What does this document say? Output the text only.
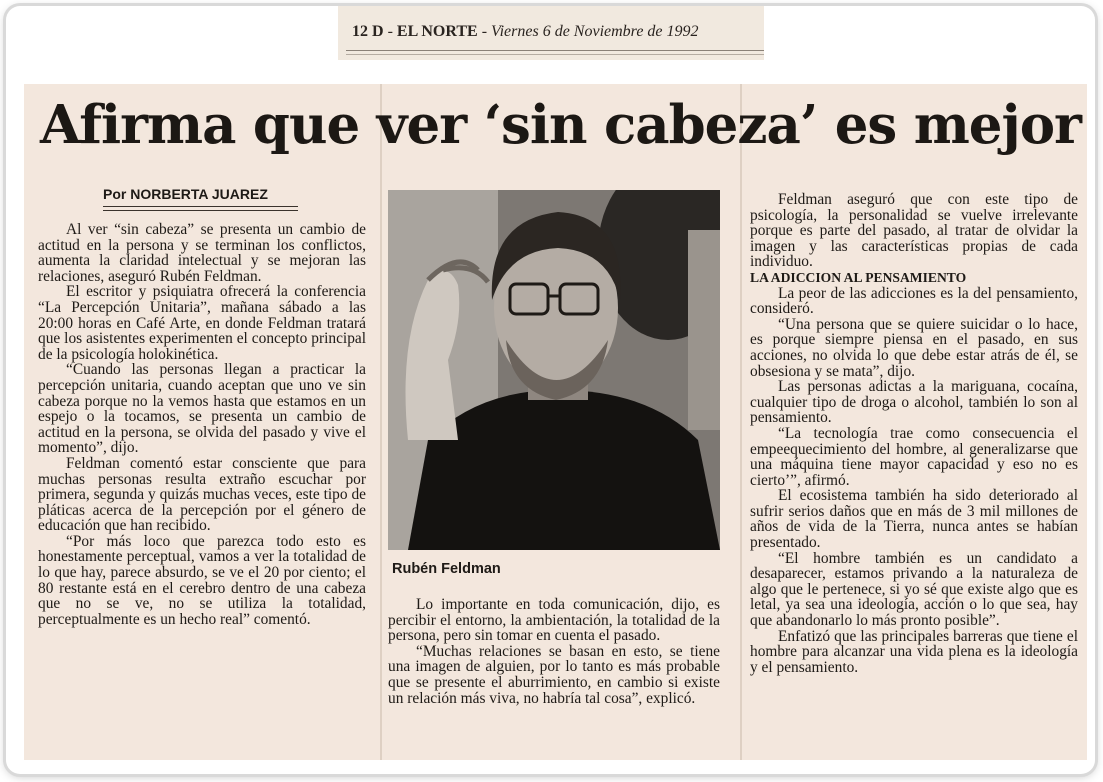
12 D - EL NORTE - Viernes 6 de Noviembre de 1992
Afirma que ver ‘sin cabeza’ es mejor
Por NORBERTA JUAREZ

Al ver “sin cabeza” se presenta un cambio de actitud en la persona y se terminan los conflictos, aumenta la claridad intelectual y se mejoran las relaciones, aseguró Rubén Feldman.

El escritor y psiquiatra ofrecerá la conferencia “La Percepción Unitaria”, mañana sábado a las 20:00 horas en Café Arte, en donde Feldman tratará que los asistentes experimenten el concepto principal de la psicología holokinética.

“Cuando las personas llegan a practicar la percepción unitaria, cuando aceptan que uno ve sin cabeza porque no la vemos hasta que estamos en un espejo o la tocamos, se presenta un cambio de actitud en la persona, se olvida del pasado y vive el momento”, dijo.

Feldman comentó estar consciente que para muchas personas resulta extraño escuchar por primera, segunda y quizás muchas veces, este tipo de pláticas acerca de la percepción por el género de educación que han recibido.

“Por más loco que parezca todo esto es honestamente perceptual, vamos a ver la totalidad de lo que hay, parece absurdo, se ve el 20 por ciento; el 80 restante está en el cerebro dentro de una cabeza que no se ve, no se utiliza la totalidad, perceptualmente es un hecho real” comentó.

Rubén Feldman

Lo importante en toda comunicación, dijo, es percibir el entorno, la ambientación, la totalidad de la persona, pero sin tomar en cuenta el pasado.

“Muchas relaciones se basan en esto, se tiene una imagen de alguien, por lo tanto es más probable que se presente el aburrimiento, en cambio si existe un relación más viva, no habría tal cosa”, explicó.

Feldman aseguró que con este tipo de psicología, la personalidad se vuelve irrelevante porque es parte del pasado, al tratar de olvidar la imagen y las características propias de cada individuo.

LA ADICCION AL PENSAMIENTO

La peor de las adicciones es la del pensamiento, consideró.

“Una persona que se quiere suicidar o lo hace, es porque siempre piensa en el pasado, en sus acciones, no olvida lo que debe estar atrás de él, se obsesiona y se mata”, dijo.

Las personas adictas a la mariguana, cocaína, cualquier tipo de droga o alcohol, también lo son al pensamiento.

“La tecnología trae como consecuencia el empeequecimiento del hombre, al generalizarse que una máquina tiene mayor capacidad y eso no es cierto’”, afirmó.

El ecosistema también ha sido deteriorado al sufrir serios daños que en más de 3 mil millones de años de vida de la Tierra, nunca antes se habían presentado.

“El hombre también es un candidato a desaparecer, estamos privando a la naturaleza de algo que le pertenece, si yo sé que existe algo que es letal, ya sea una ideología, acción o lo que sea, hay que abandonarlo lo más pronto posible”.

Enfatizó que las principales barreras que tiene el hombre para alcanzar una vida plena es la ideología y el pensamiento.
